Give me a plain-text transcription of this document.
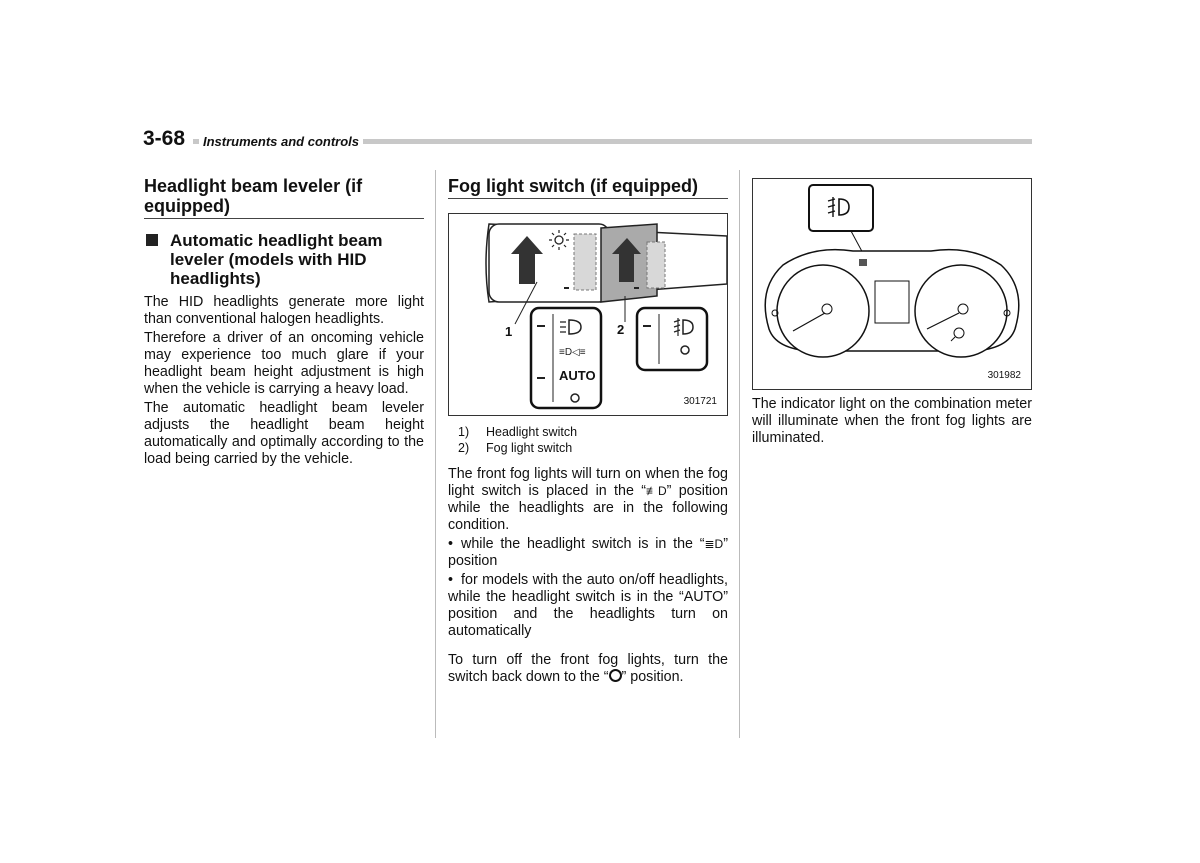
3-68	Instruments and controls
Headlight beam leveler (if equipped)
Automatic headlight beam leveler (models with HID headlights)

The HID headlights generate more light than conventional halogen headlights.

Therefore a driver of an oncoming vehicle may experience too much glare if your headlight beam height adjustment is high when the vehicle is carrying a heavy load.

The automatic headlight beam leveler adjusts the headlight beam height automatically and optimally according to the load being carried by the vehicle.

Fog light switch (if equipped)
≡D◁≡
1	2
AUTO
301721
1) Headlight switch
2) Fog light switch

The front fog lights will turn on when the fog light switch is placed in the “≢D” position while the headlights are in the following condition.

• while the headlight switch is in the “≣D” position

• for models with the auto on/off headlights, while the headlight switch is in the “AUTO” position and the headlights turn on automatically

To turn off the front fog lights, turn the switch back down to the “ ” position.

301982

The indicator light on the combination meter will illuminate when the front fog lights are illuminated.
